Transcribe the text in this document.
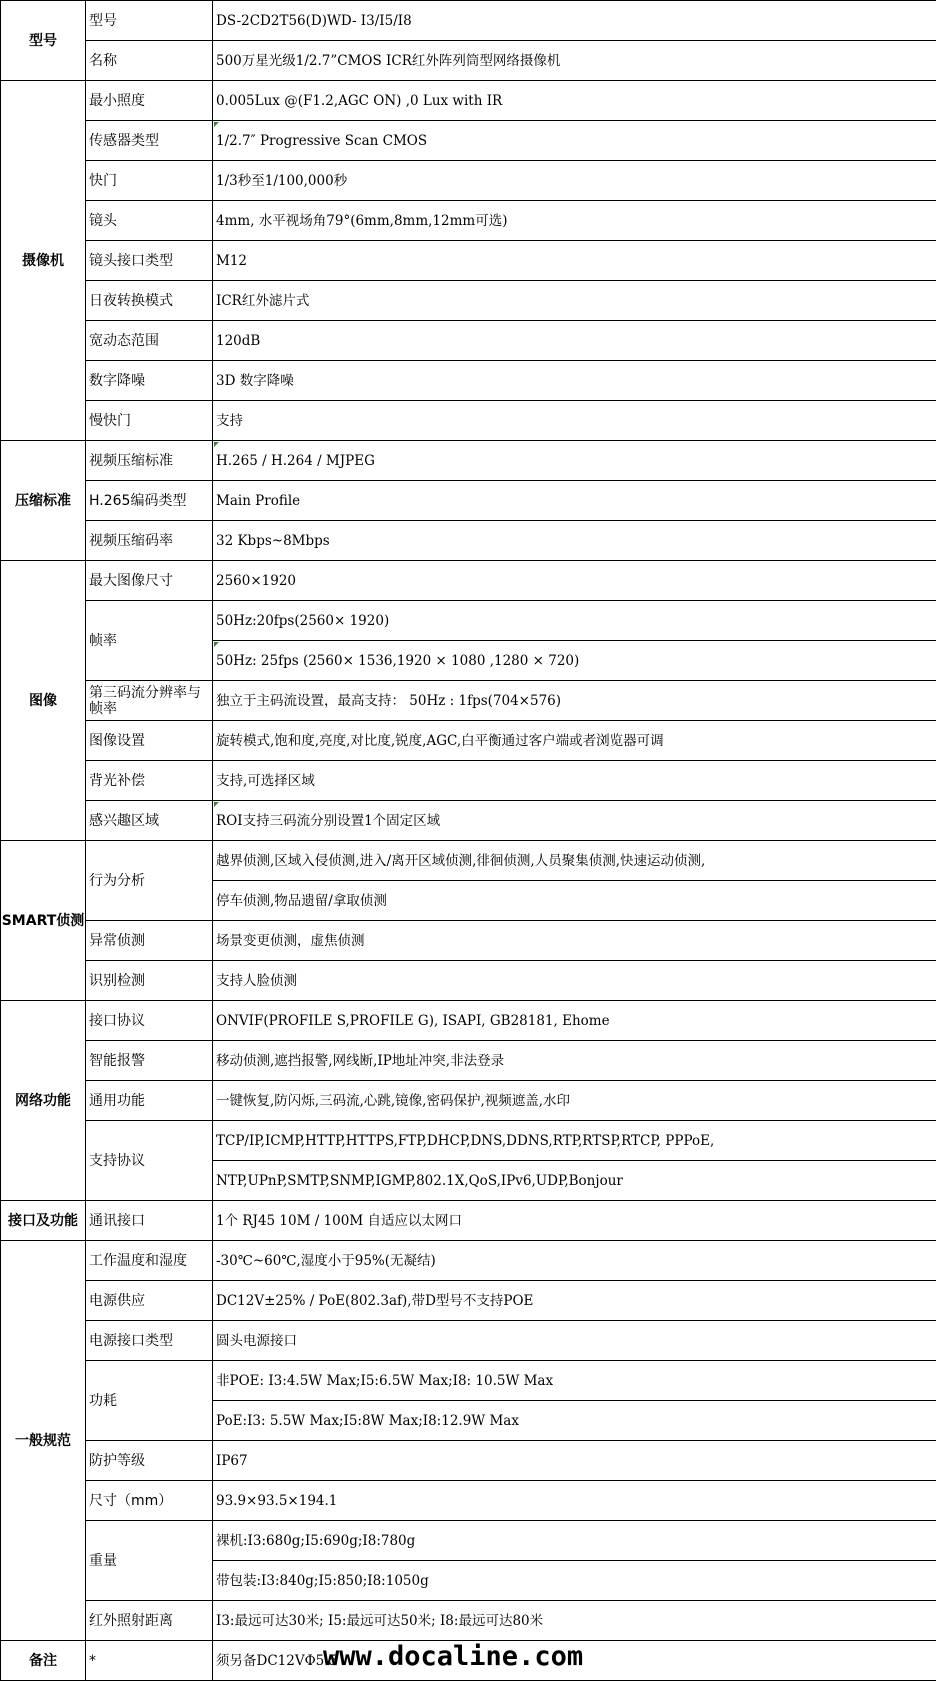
型号	型号	DS-2CD2T56(D)WD- I3/I5/I8
	名称	500万星光级1/2.7”CMOS ICR红外阵列筒型网络摄像机
摄像机	最小照度	0.005Lux @(F1.2,AGC ON) ,0 Lux with IR
	传感器类型	1/2.7″ Progressive Scan CMOS
	快门	1/3秒至1/100,000秒
	镜头	4mm, 水平视场角79°(6mm,8mm,12mm可选)
	镜头接口类型	M12
	日夜转换模式	ICR红外滤片式
	宽动态范围	120dB
	数字降噪	3D 数字降噪
	慢快门	支持
压缩标准	视频压缩标准	H.265 / H.264 / MJPEG
	H.265编码类型	Main Profile
	视频压缩码率	32 Kbps~8Mbps
图像	最大图像尺寸	2560×1920
	帧率	50Hz:20fps(2560× 1920)
		50Hz: 25fps (2560× 1536,1920 × 1080 ,1280 × 720)
	第三码流分辨率与帧率	独立于主码流设置，最高支持： 50Hz : 1fps(704×576)
	图像设置	旋转模式,饱和度,亮度,对比度,锐度,AGC,白平衡通过客户端或者浏览器可调
	背光补偿	支持,可选择区域
	感兴趣区域	ROI支持三码流分别设置1个固定区域
SMART侦测	行为分析	越界侦测,区域入侵侦测,进入/离开区域侦测,徘徊侦测,人员聚集侦测,快速运动侦测,
		停车侦测,物品遗留/拿取侦测
	异常侦测	场景变更侦测，虚焦侦测
	识别检测	支持人脸侦测
网络功能	接口协议	ONVIF(PROFILE S,PROFILE G), ISAPI, GB28181, Ehome
	智能报警	移动侦测,遮挡报警,网线断,IP地址冲突,非法登录
	通用功能	一键恢复,防闪烁,三码流,心跳,镜像,密码保护,视频遮盖,水印
	支持协议	TCP/IP,ICMP,HTTP,HTTPS,FTP,DHCP,DNS,DDNS,RTP,RTSP,RTCP, PPPoE,
		NTP,UPnP,SMTP,SNMP,IGMP,802.1X,QoS,IPv6,UDP,Bonjour
接口及功能	通讯接口	1个 RJ45 10M / 100M 自适应以太网口
一般规范	工作温度和湿度	-30℃~60℃,湿度小于95%(无凝结)
	电源供应	DC12V±25% / PoE(802.3af),带D型号不支持POE
	电源接口类型	圆头电源接口
	功耗	非POE: I3:4.5W Max;I5:6.5W Max;I8: 10.5W Max
		PoE:I3: 5.5W Max;I5:8W Max;I8:12.9W Max
	防护等级	IP67
	尺寸（mm）	93.9×93.5×194.1
	重量	裸机:I3:680g;I5:690g;I8:780g
		带包装:I3:840g;I5:850;I8:1050g
	红外照射距离	I3:最远可达30米; I5:最远可达50米; I8:最远可达80米
备注	*	须另备DC12VΦ5.5
www.docaline.com
